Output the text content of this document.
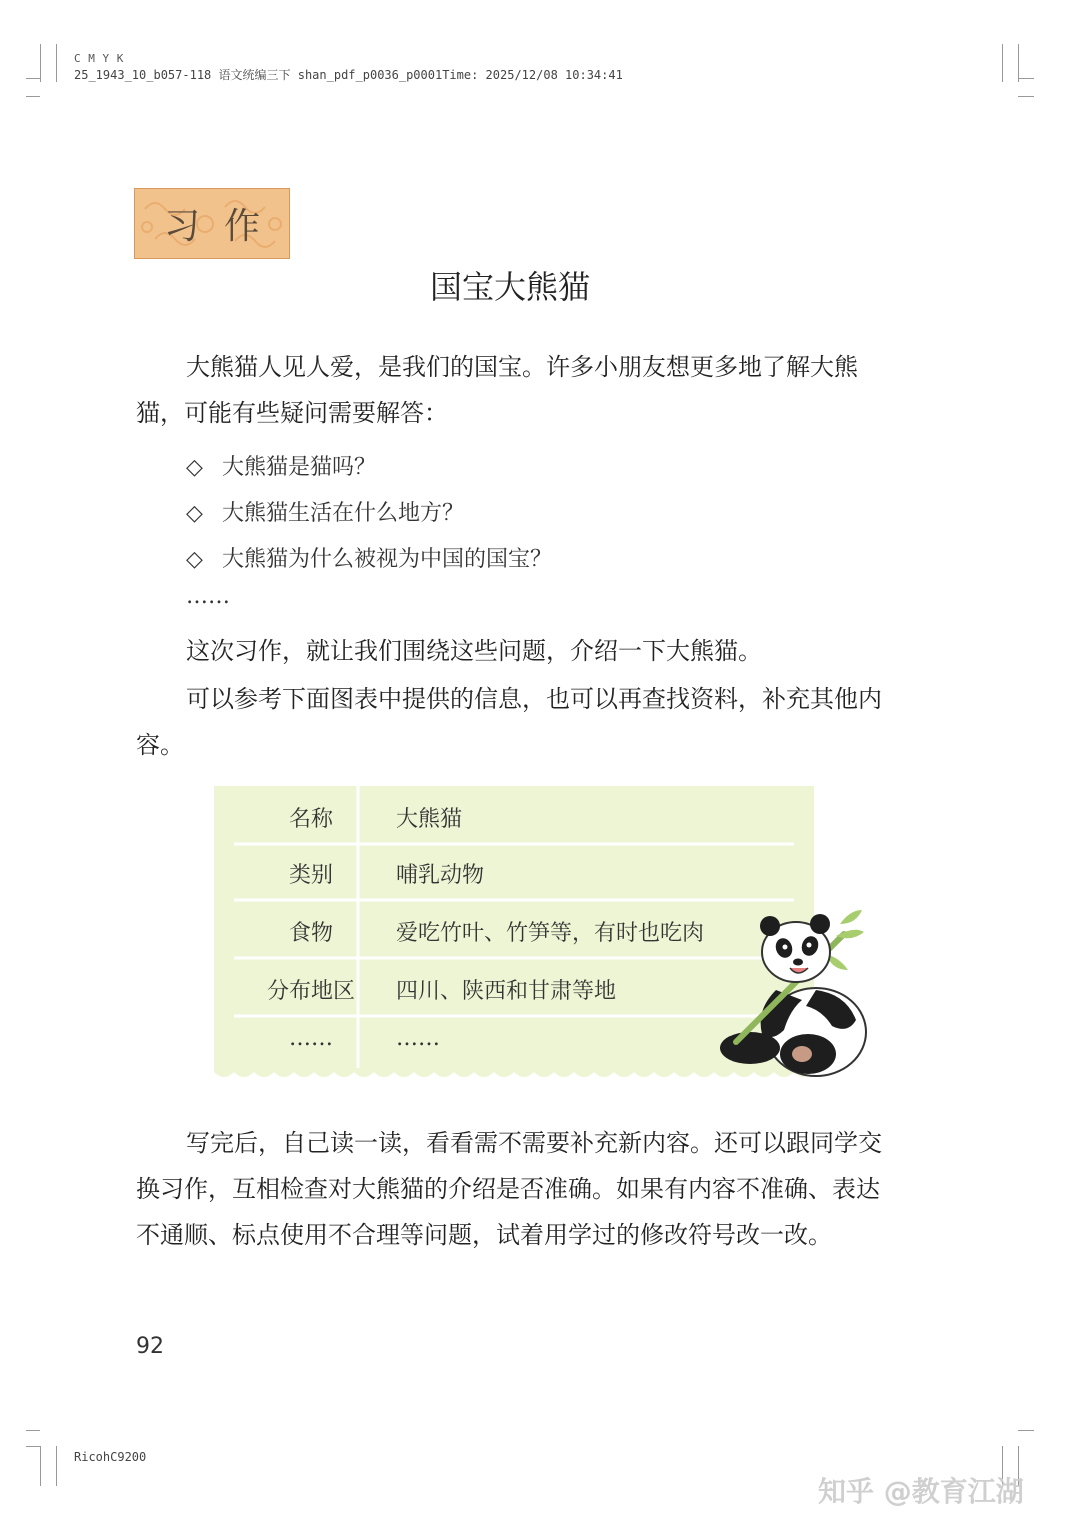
C M Y K
25_1943_10_b057-118 语文统编三下 shan_pdf_p0036_p0001Time: 2025/12/08 10:34:41
习 作
国宝大熊猫
大熊猫人见人爱，是我们的国宝。许多小朋友想更多地了解大熊猫，可能有些疑问需要解答：
◇ 大熊猫是猫吗？
◇ 大熊猫生活在什么地方？
◇ 大熊猫为什么被视为中国的国宝？
……
这次习作，就让我们围绕这些问题，介绍一下大熊猫。
可以参考下面图表中提供的信息，也可以再查找资料，补充其他内容。
名称	大熊猫
类别	哺乳动物
食物	爱吃竹叶、竹笋等，有时也吃肉
分布地区	四川、陕西和甘肃等地
……	……
写完后，自己读一读，看看需不需要补充新内容。还可以跟同学交换习作，互相检查对大熊猫的介绍是否准确。如果有内容不准确、表达不通顺、标点使用不合理等问题，试着用学过的修改符号改一改。
92
RicohC9200
知乎 @教育江湖
